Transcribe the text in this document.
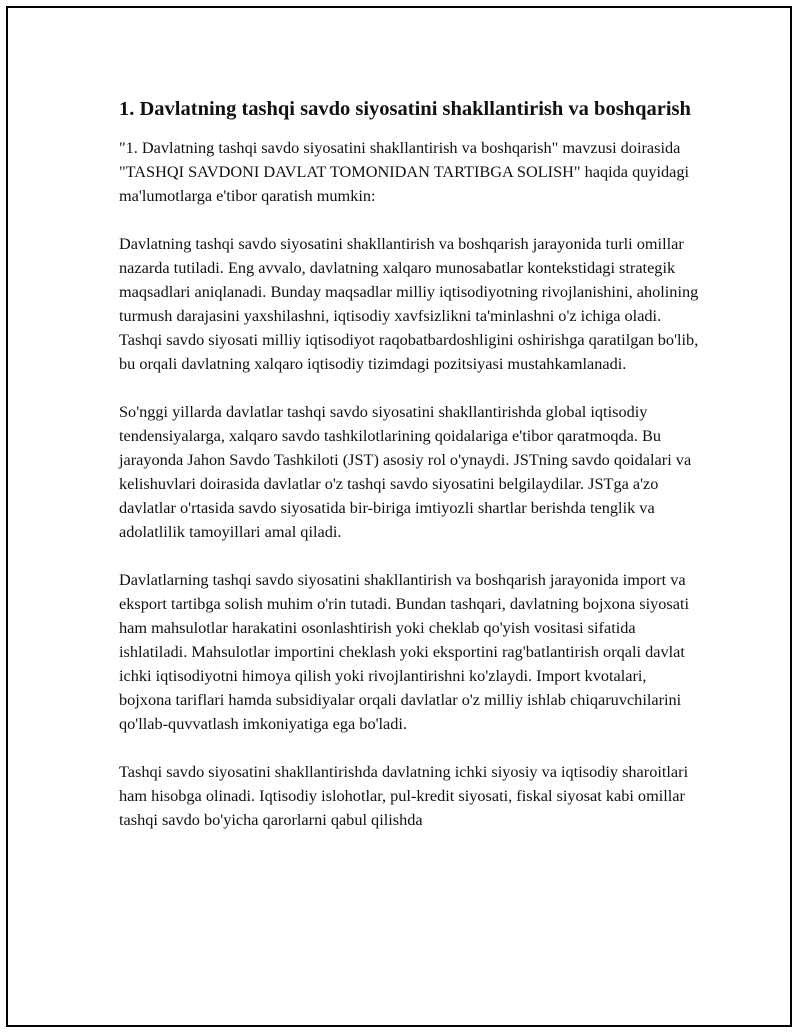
1. Davlatning tashqi savdo siyosatini shakllantirish va boshqarish

"1. Davlatning tashqi savdo siyosatini shakllantirish va boshqarish" mavzusi doirasida "TASHQI SAVDONI DAVLAT TOMONIDAN TARTIBGA SOLISH" haqida quyidagi ma'lumotlarga e'tibor qaratish mumkin:

Davlatning tashqi savdo siyosatini shakllantirish va boshqarish jarayonida turli omillar nazarda tutiladi. Eng avvalo, davlatning xalqaro munosabatlar kontekstidagi strategik maqsadlari aniqlanadi. Bunday maqsadlar milliy iqtisodiyotning rivojlanishini, aholining turmush darajasini yaxshilashni, iqtisodiy xavfsizlikni ta'minlashni o'z ichiga oladi. Tashqi savdo siyosati milliy iqtisodiyot raqobatbardoshligini oshirishga qaratilgan bo'lib, bu orqali davlatning xalqaro iqtisodiy tizimdagi pozitsiyasi mustahkamlanadi.

So'nggi yillarda davlatlar tashqi savdo siyosatini shakllantirishda global iqtisodiy tendensiyalarga, xalqaro savdo tashkilotlarining qoidalariga e'tibor qaratmoqda. Bu jarayonda Jahon Savdo Tashkiloti (JST) asosiy rol o'ynaydi. JSTning savdo qoidalari va kelishuvlari doirasida davlatlar o'z tashqi savdo siyosatini belgilaydilar. JSTga a'zo davlatlar o'rtasida savdo siyosatida bir-biriga imtiyozli shartlar berishda tenglik va adolatlilik tamoyillari amal qiladi.

Davlatlarning tashqi savdo siyosatini shakllantirish va boshqarish jarayonida import va eksport tartibga solish muhim o'rin tutadi. Bundan tashqari, davlatning bojxona siyosati ham mahsulotlar harakatini osonlashtirish yoki cheklab qo'yish vositasi sifatida ishlatiladi. Mahsulotlar importini cheklash yoki eksportini rag'batlantirish orqali davlat ichki iqtisodiyotni himoya qilish yoki rivojlantirishni ko'zlaydi. Import kvotalari, bojxona tariflari hamda subsidiyalar orqali davlatlar o'z milliy ishlab chiqaruvchilarini qo'llab-quvvatlash imkoniyatiga ega bo'ladi.

Tashqi savdo siyosatini shakllantirishda davlatning ichki siyosiy va iqtisodiy sharoitlari ham hisobga olinadi. Iqtisodiy islohotlar, pul-kredit siyosati, fiskal siyosat kabi omillar tashqi savdo bo'yicha qarorlarni qabul qilishda
